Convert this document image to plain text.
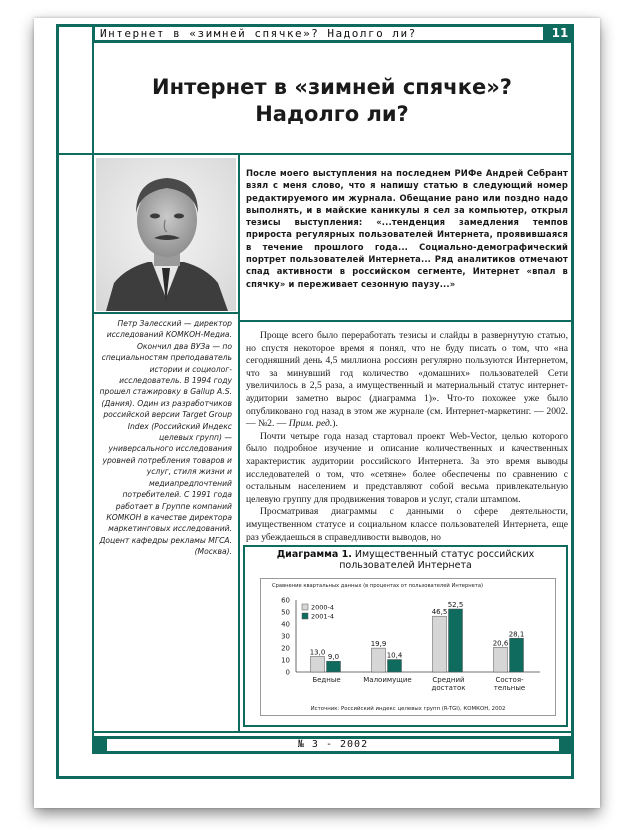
Интернет в «зимней спячке»? Надолго ли?	11
Интернет в «зимней спячке»?
Надолго ли?
Петр Залесский — директор исследований КОМКОН-Медиа. Окончил два ВУЗа — по специальностям преподаватель истории и социолог-исследователь. В 1994 году прошел стажировку в Gallup A.S. (Дания). Один из разработчиков российской версии Target Group Index (Российский Индекс целевых групп) — универсального исследования уровней потребления товаров и услуг, стиля жизни и медиапредпочтений потребителей. С 1991 года работает в Группе компаний КОМКОН в качестве директора маркетинговых исследований. Доцент кафедры рекламы МГСА. (Москва).
После моего выступления на последнем РИФе Андрей Себрант взял с меня слово, что я напишу статью в следующий номер редактируемого им журнала. Обещание рано или поздно надо выполнять, и в майские каникулы я сел за компьютер, открыл тезисы выступления: «...тенденция замедления темпов прироста регулярных пользователей Интернета, проявившаяся в течение прошлого года... Социально-демографический портрет пользователей Интернета... Ряд аналитиков отмечают спад активности в российском сегменте, Интернет «впал в спячку» и переживает сезонную паузу...»

Проще всего было переработать тезисы и слайды в развернутую статью, но спустя некоторое время я понял, что не буду писать о том, что «на сегодняшний день 4,5 миллиона россиян регулярно пользуются Интернетом, что за минувший год количество «домашних» пользователей Сети увеличилось в 2,5 раза, а имущественный и материальный статус интернет-аудитории заметно вырос (диаграмма 1)». Что-то похожее уже было опубликовано год назад в этом же журнале (см. Интернет-маркетинг. — 2002. — №2. — Прим. ред.).

Почти четыре года назад стартовал проект Web-Vector, целью которого было подробное изучение и описание количественных и качественных характеристик аудитории российского Интернета. За это время выводы исследователей о том, что «сетяне» более обеспечены по сравнению с остальным населением и представляют собой весьма привлекательную целевую группу для продвижения товаров и услуг, стали штампом.

Просматривая диаграммы с данными о сфере деятельности, имущественном статусе и социальном классе пользователей Интернета, еще раз убеждаешься в справедливости выводов, но

Диаграмма 1. Имущественный статус российских
пользователей Интернета
Сравнение квартальных данных (в процентах от пользователей Интернета)
0
10
20
30
40
50
60
13,0
19,9
46,5
20,6
9,0	10,4
52,5
28,1
Бедные	Малоимущие	Средний
достаток
Состоя-
тельные
2000-4
2001-4
Источник: Российский индекс целевых групп (R-TGI), КОМКОН, 2002
№ 3 - 2002
